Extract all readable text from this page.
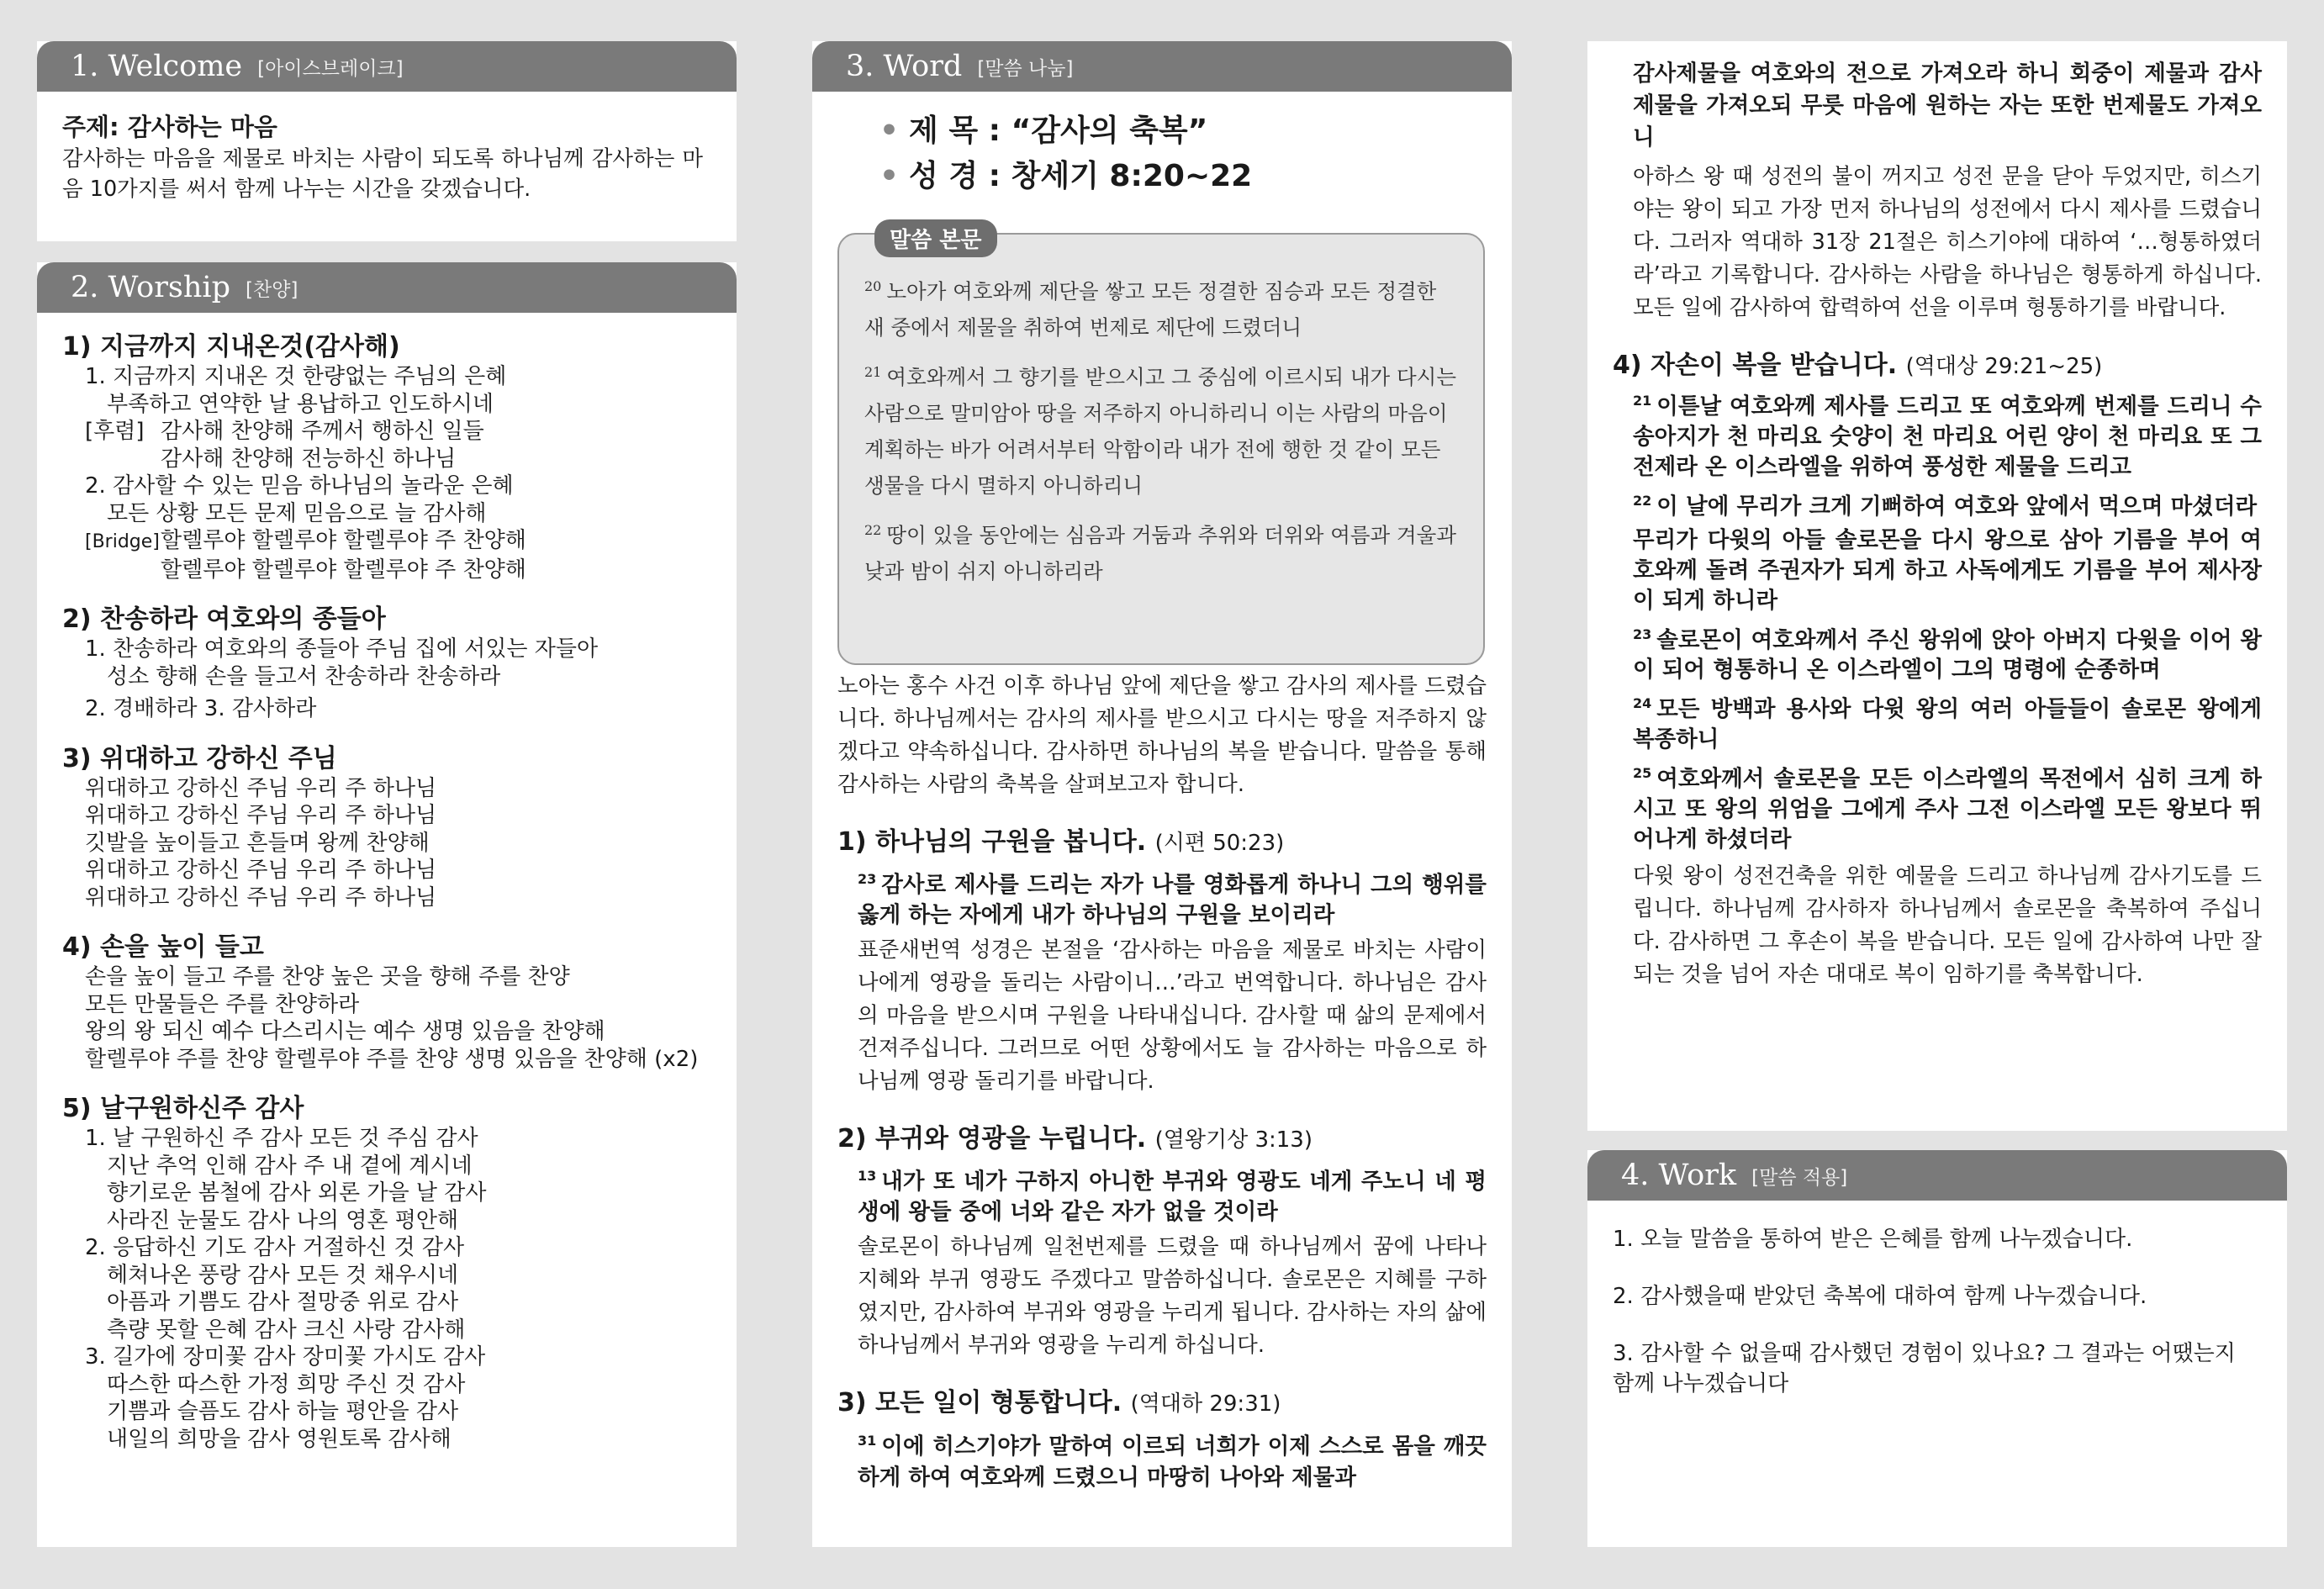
1. Welcome [아이스브레이크]
주제: 감사하는 마음
감사하는 마음을 제물로 바치는 사람이 되도록 하나님께 감사하는 마음 10가지를 써서 함께 나누는 시간을 갖겠습니다.
2. Worship [찬양]
1) 지금까지 지내온것(감사해)
1. 지금까지 지내온 것 한량없는 주님의 은혜
부족하고 연약한 날 용납하고 인도하시네
[후렴] 감사해 찬양해 주께서 행하신 일들
감사해 찬양해 전능하신 하나님
2. 감사할 수 있는 믿음 하나님의 놀라운 은혜
모든 상황 모든 문제 믿음으로 늘 감사해
[Bridge]할렐루야 할렐루야 할렐루야 주 찬양해
할렐루야 할렐루야 할렐루야 주 찬양해
2) 찬송하라 여호와의 종들아
1. 찬송하라 여호와의 종들아 주님 집에 서있는 자들아
성소 향해 손을 들고서 찬송하라 찬송하라
2. 경배하라 3. 감사하라
3) 위대하고 강하신 주님
위대하고 강하신 주님 우리 주 하나님
위대하고 강하신 주님 우리 주 하나님
깃발을 높이들고 흔들며 왕께 찬양해
위대하고 강하신 주님 우리 주 하나님
위대하고 강하신 주님 우리 주 하나님
4) 손을 높이 들고
손을 높이 들고 주를 찬양 높은 곳을 향해 주를 찬양
모든 만물들은 주를 찬양하라
왕의 왕 되신 예수 다스리시는 예수 생명 있음을 찬양해
할렐루야 주를 찬양 할렐루야 주를 찬양 생명 있음을 찬양해 (x2)
5) 날구원하신주 감사
1. 날 구원하신 주 감사 모든 것 주심 감사
지난 추억 인해 감사 주 내 곁에 계시네
향기로운 봄철에 감사 외론 가을 날 감사
사라진 눈물도 감사 나의 영혼 평안해
2. 응답하신 기도 감사 거절하신 것 감사
헤쳐나온 풍랑 감사 모든 것 채우시네
아픔과 기쁨도 감사 절망중 위로 감사
측량 못할 은혜 감사 크신 사랑 감사해
3. 길가에 장미꽃 감사 장미꽃 가시도 감사
따스한 따스한 가정 희망 주신 것 감사
기쁨과 슬픔도 감사 하늘 평안을 감사
내일의 희망을 감사 영원토록 감사해
3. Word [말씀 나눔]
• 제 목 : “감사의 축복”
• 성 경 : 창세기 8:20~22
말씀 본문
$^{20}$ 노아가 여호와께 제단을 쌓고 모든 정결한 짐승과 모든 정결한 새 중에서 제물을 취하여 번제로 제단에 드렸더니
$^{21}$ 여호와께서 그 향기를 받으시고 그 중심에 이르시되 내가 다시는 사람으로 말미암아 땅을 저주하지 아니하리니 이는 사람의 마음이 계획하는 바가 어려서부터 악함이라 내가 전에 행한 것 같이 모든 생물을 다시 멸하지 아니하리니
$^{22}$ 땅이 있을 동안에는 심음과 거둠과 추위와 더위와 여름과 겨울과 낮과 밤이 쉬지 아니하리라
노아는 홍수 사건 이후 하나님 앞에 제단을 쌓고 감사의 제사를 드렸습니다. 하나님께서는 감사의 제사를 받으시고 다시는 땅을 저주하지 않겠다고 약속하십니다. 감사하면 하나님의 복을 받습니다. 말씀을 통해 감사하는 사람의 축복을 살펴보고자 합니다.
1) 하나님의 구원을 봅니다. (시편 50:23)
$^{23}$ 감사로 제사를 드리는 자가 나를 영화롭게 하나니 그의 행위를 옳게 하는 자에게 내가 하나님의 구원을 보이리라
표준새번역 성경은 본절을 ‘감사하는 마음을 제물로 바치는 사람이 나에게 영광을 돌리는 사람이니…’라고 번역합니다. 하나님은 감사의 마음을 받으시며 구원을 나타내십니다. 감사할 때 삶의 문제에서 건져주십니다. 그러므로 어떤 상황에서도 늘 감사하는 마음으로 하나님께 영광 돌리기를 바랍니다.
2) 부귀와 영광을 누립니다. (열왕기상 3:13)
$^{13}$ 내가 또 네가 구하지 아니한 부귀와 영광도 네게 주노니 네 평생에 왕들 중에 너와 같은 자가 없을 것이라
솔로몬이 하나님께 일천번제를 드렸을 때 하나님께서 꿈에 나타나 지혜와 부귀 영광도 주겠다고 말씀하십니다. 솔로몬은 지혜를 구하였지만, 감사하여 부귀와 영광을 누리게 됩니다. 감사하는 자의 삶에 하나님께서 부귀와 영광을 누리게 하십니다.
3) 모든 일이 형통합니다. (역대하 29:31)
$^{31}$ 이에 히스기야가 말하여 이르되 너희가 이제 스스로 몸을 깨끗하게 하여 여호와께 드렸으니 마땅히 나아와 제물과
감사제물을 여호와의 전으로 가져오라 하니 회중이 제물과 감사제물을 가져오되 무릇 마음에 원하는 자는 또한 번제물도 가져오니
아하스 왕 때 성전의 불이 꺼지고 성전 문을 닫아 두었지만, 히스기야는 왕이 되고 가장 먼저 하나님의 성전에서 다시 제사를 드렸습니다. 그러자 역대하 31장 21절은 히스기야에 대하여 ‘…형통하였더라’라고 기록합니다. 감사하는 사람을 하나님은 형통하게 하십니다. 모든 일에 감사하여 합력하여 선을 이루며 형통하기를 바랍니다.
4) 자손이 복을 받습니다. (역대상 29:21~25)
$^{21}$ 이튿날 여호와께 제사를 드리고 또 여호와께 번제를 드리니 수송아지가 천 마리요 숫양이 천 마리요 어린 양이 천 마리요 또 그 전제라 온 이스라엘을 위하여 풍성한 제물을 드리고
$^{22}$ 이 날에 무리가 크게 기뻐하여 여호와 앞에서 먹으며 마셨더라
무리가 다윗의 아들 솔로몬을 다시 왕으로 삼아 기름을 부어 여호와께 돌려 주권자가 되게 하고 사독에게도 기름을 부어 제사장이 되게 하니라
$^{23}$ 솔로몬이 여호와께서 주신 왕위에 앉아 아버지 다윗을 이어 왕이 되어 형통하니 온 이스라엘이 그의 명령에 순종하며
$^{24}$ 모든 방백과 용사와 다윗 왕의 여러 아들들이 솔로몬 왕에게 복종하니
$^{25}$ 여호와께서 솔로몬을 모든 이스라엘의 목전에서 심히 크게 하시고 또 왕의 위엄을 그에게 주사 그전 이스라엘 모든 왕보다 뛰어나게 하셨더라
다윗 왕이 성전건축을 위한 예물을 드리고 하나님께 감사기도를 드립니다. 하나님께 감사하자 하나님께서 솔로몬을 축복하여 주십니다. 감사하면 그 후손이 복을 받습니다. 모든 일에 감사하여 나만 잘되는 것을 넘어 자손 대대로 복이 임하기를 축복합니다.
4. Work [말씀 적용]
1. 오늘 말씀을 통하여 받은 은혜를 함께 나누겠습니다.
2. 감사했을때 받았던 축복에 대하여 함께 나누겠습니다.
3. 감사할 수 없을때 감사했던 경험이 있나요? 그 결과는 어땠는지 함께 나누겠습니다
